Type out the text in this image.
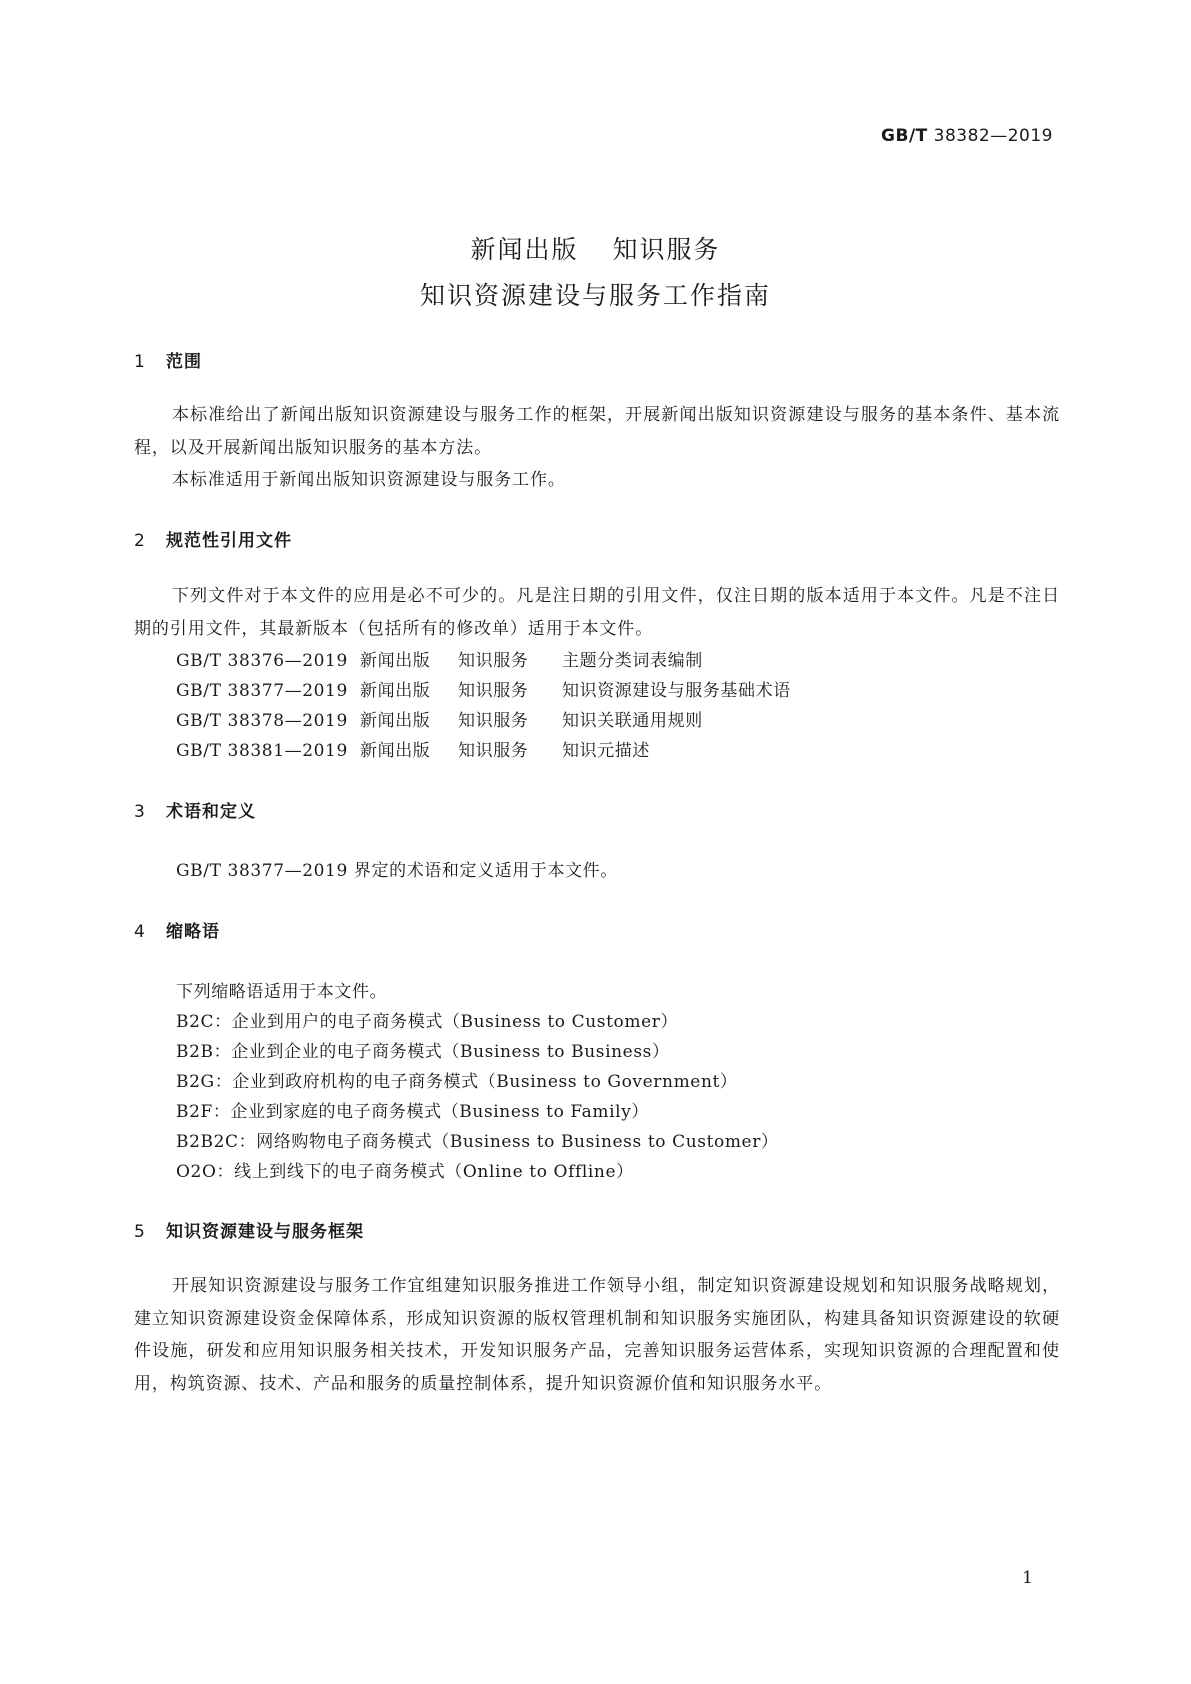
GB/T 38382—2019
新闻出版 知识服务
知识资源建设与服务工作指南
1 范围

本标准给出了新闻出版知识资源建设与服务工作的框架，开展新闻出版知识资源建设与服务的基本条件、基本流程，以及开展新闻出版知识服务的基本方法。

本标准适用于新闻出版知识资源建设与服务工作。

2 规范性引用文件

下列文件对于本文件的应用是必不可少的。凡是注日期的引用文件，仅注日期的版本适用于本文件。凡是不注日期的引用文件，其最新版本（包括所有的修改单）适用于本文件。

GB/T 38376—2019 新闻出版 知识服务 主题分类词表编制
GB/T 38377—2019 新闻出版 知识服务 知识资源建设与服务基础术语
GB/T 38378—2019 新闻出版 知识服务 知识关联通用规则
GB/T 38381—2019 新闻出版 知识服务 知识元描述
3 术语和定义
GB/T 38377—2019 界定的术语和定义适用于本文件。
4 缩略语
下列缩略语适用于本文件。
B2C：企业到用户的电子商务模式（Business to Customer）
B2B：企业到企业的电子商务模式（Business to Business）
B2G：企业到政府机构的电子商务模式（Business to Government）
B2F：企业到家庭的电子商务模式（Business to Family）
B2B2C：网络购物电子商务模式（Business to Business to Customer）
O2O：线上到线下的电子商务模式（Online to Offline）
5 知识资源建设与服务框架

开展知识资源建设与服务工作宜组建知识服务推进工作领导小组，制定知识资源建设规划和知识服务战略规划，建立知识资源建设资金保障体系，形成知识资源的版权管理机制和知识服务实施团队，构建具备知识资源建设的软硬件设施，研发和应用知识服务相关技术，开发知识服务产品，完善知识服务运营体系，实现知识资源的合理配置和使用，构筑资源、技术、产品和服务的质量控制体系，提升知识资源价值和知识服务水平。

1
